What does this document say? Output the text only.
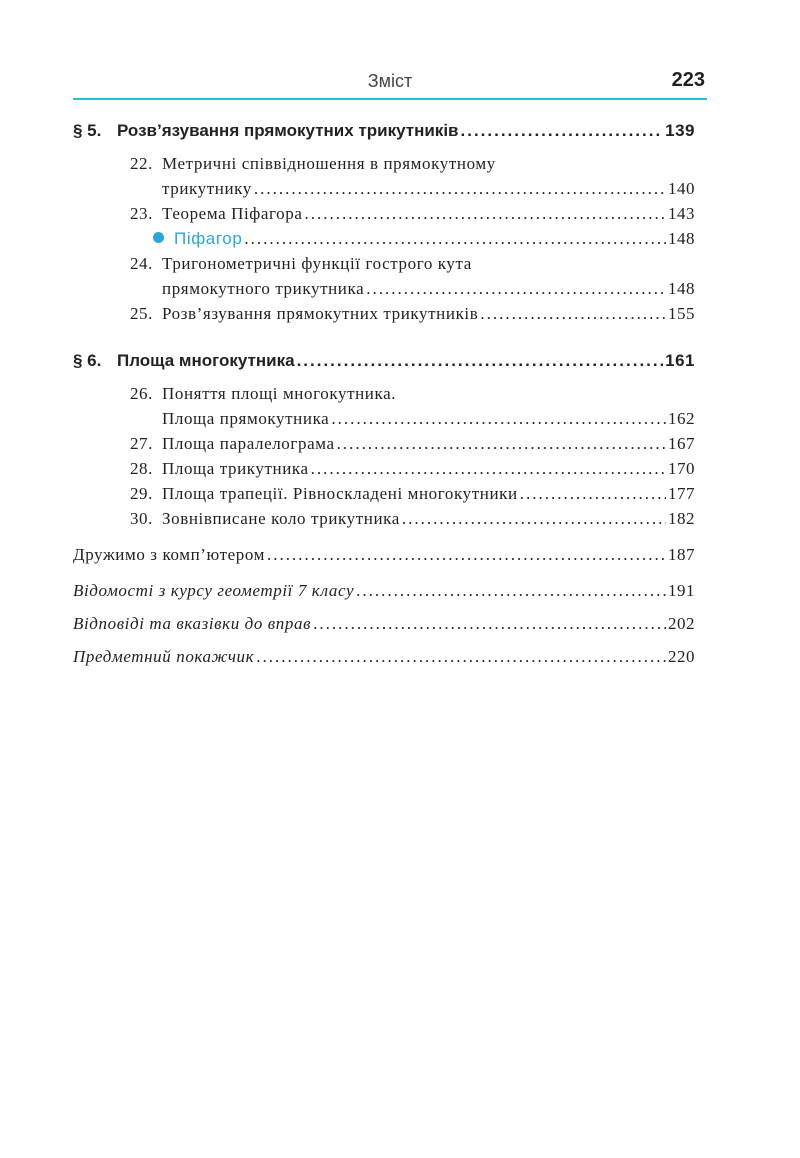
Зміст	223
§ 5. Розв’язування прямокутних трикутників .....	139
22. Метричні співвідношення в прямокутному
трикутнику .....	140
23. Теорема Піфагора .....	143
Піфагор .....	148
24. Тригонометричні функції гострого кута
прямокутного трикутника .....	148
25. Розв’язування прямокутних трикутників .....	155
§ 6. Площа многокутника .....	161
26. Поняття площі многокутника.
Площа прямокутника .....	162
27. Площа паралелограма .....	167
28. Площа трикутника .....	170
29. Площа трапеції. Рівноскладені многокутники .....	177
30. Зовнівписане коло трикутника .....	182
Дружимо з комп’ютером .....	187
Відомості з курсу геометрії 7 класу .....	191
Відповіді та вказівки до вправ .....	202
Предметний покажчик .....	220
